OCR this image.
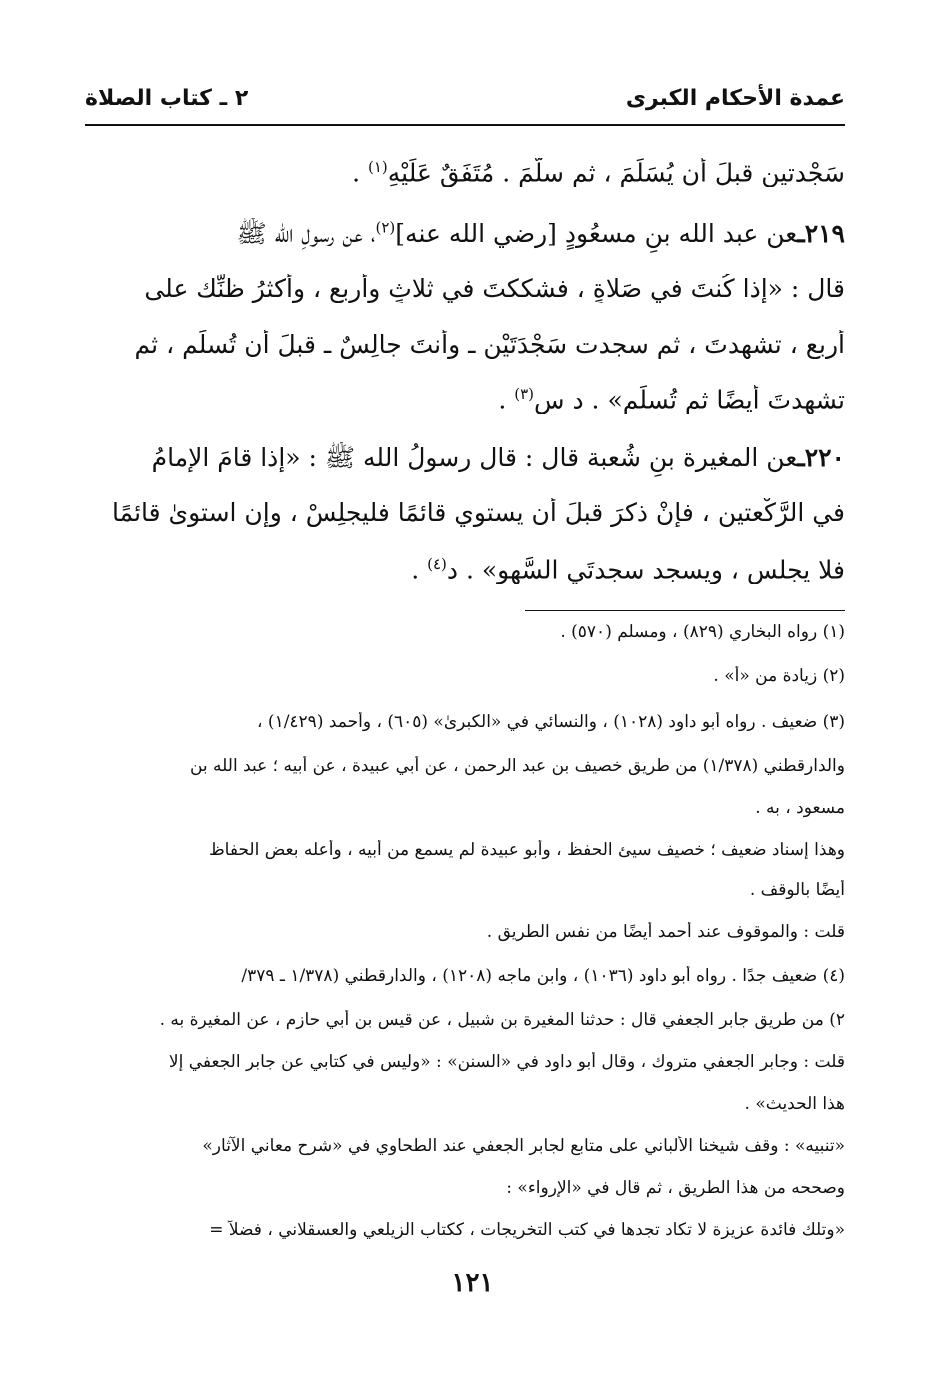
عمدة الأحكام الكبرى
٢ ـ كتاب الصلاة
سَجْدتينِ قبلَ أن يُسَلِّمَ ، ثم سلَّمَ . مُتَفَقٌ عَلَيْهِ$^{(١)}$ .
٢١٩ـعن عبد الله بنِ مسعُودٍ [رضي الله عنه]$^{(٢)}$، عن رسولِ الله ﷺ
قال : «إذا كُنتَ في صَلاةٍ ، فشككتَ في ثلاثٍ وأربعٍ ، وأكثرُ ظنِّك على
أربعٍ ، تشهدتَ ، ثم سجدت سَجْدَتَيْنِ ـ وأنتَ جالِسٌ ـ قبلَ أن تُسلِّم ، ثم
تشهدتَ أيضًا ثم تُسلِّم» . د س$^{(٣)}$ .
٢٢٠ـعن المغيرة بنِ شُعبة قال : قال رسولُ الله ﷺ : «إذا قامَ الإمامُ
في الرَّكْعتينِ ، فإنْ ذكرَ قبلَ أن يستوي قائمًا فليجلِسْ ، وإن استوىٰ قائمًا
فلا يجلس ، ويسجد سجدتَي السَّهوِ» . د$^{(٤)}$ .
(١) رواه البخاري (٨٢٩) ، ومسلم (٥٧٠) .
(٢) زيادة من «أ» .
(٣) ضعيف . رواه أبو داود (١٠٢٨) ، والنسائي في «الكبرىٰ» (٦٠٥) ، وأحمد (١/٤٢٩) ،
والدارقطني (١/٣٧٨) من طريق خصيف بن عبد الرحمن ، عن أبي عبيدة ، عن أبيه ؛ عبد الله بن
مسعود ، به .
وهذا إسناد ضعيف ؛ خصيف سيئ الحفظ ، وأبو عبيدة لم يسمع من أبيه ، وأعله بعض الحفاظ
أيضًا بالوقف .
قلت : والموقوف عند أحمد أيضًا من نفس الطريق .
(٤) ضعيف جدًا . رواه أبو داود (١٠٣٦) ، وابن ماجه (١٢٠٨) ، والدارقطني (١/٣٧٨ ـ ٣٧٩/
٢) من طريق جابر الجعفي قال : حدثنا المغيرة بن شبيل ، عن قيس بن أبي حازم ، عن المغيرة به .
قلت : وجابر الجعفي متروك ، وقال أبو داود في «السنن» : «وليس في كتابي عن جابر الجعفي إلا
هذا الحديث» .
«تنبيه» : وقف شيخنا الألباني على متابع لجابر الجعفي عند الطحاوي في «شرح معاني الآثار»
وصححه من هذا الطريق ، ثم قال في «الإرواء» :
«وتلك فائدة عزيزة لا تكاد تجدها في كتب التخريجات ، ككتاب الزيلعي والعسقلاني ، فضلاً =
١٢١
